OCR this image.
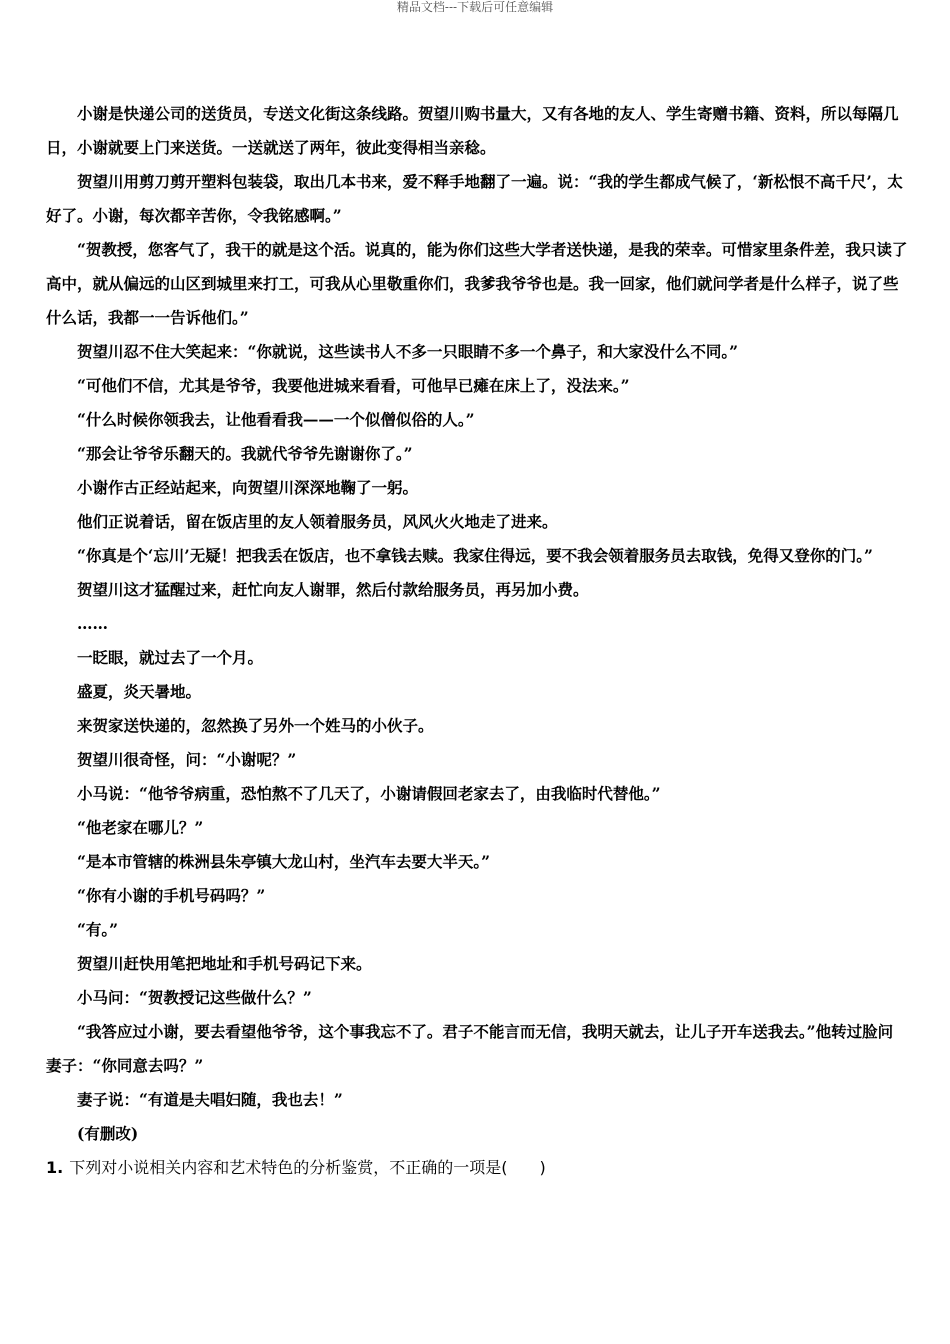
精品文档---下载后可任意编辑

小谢是快递公司的送货员，专送文化街这条线路。贺望川购书量大，又有各地的友人、学生寄赠书籍、资料，所以每隔几日，小谢就要上门来送货。一送就送了两年，彼此变得相当亲稔。

贺望川用剪刀剪开塑料包装袋，取出几本书来，爱不释手地翻了一遍。说：“我的学生都成气候了，‘新松恨不高千尺’，太好了。小谢，每次都辛苦你，令我铭感啊。”

“贺教授，您客气了，我干的就是这个活。说真的，能为你们这些大学者送快递，是我的荣幸。可惜家里条件差，我只读了高中，就从偏远的山区到城里来打工，可我从心里敬重你们，我爹我爷爷也是。我一回家，他们就问学者是什么样子，说了些什么话，我都一一告诉他们。”

贺望川忍不住大笑起来：“你就说，这些读书人不多一只眼睛不多一个鼻子，和大家没什么不同。”

“可他们不信，尤其是爷爷，我要他进城来看看，可他早已瘫在床上了，没法来。”

“什么时候你领我去，让他看看我——一个似僧似俗的人。”

“那会让爷爷乐翻天的。我就代爷爷先谢谢你了。”

小谢作古正经站起来，向贺望川深深地鞠了一躬。

他们正说着话，留在饭店里的友人领着服务员，风风火火地走了进来。

“你真是个‘忘川’无疑！把我丢在饭店，也不拿钱去赎。我家住得远，要不我会领着服务员去取钱，免得又登你的门。”

贺望川这才猛醒过来，赶忙向友人谢罪，然后付款给服务员，再另加小费。

……

一眨眼，就过去了一个月。

盛夏，炎天暑地。

来贺家送快递的，忽然换了另外一个姓马的小伙子。

贺望川很奇怪，问：“小谢呢？”

小马说：“他爷爷病重，恐怕熬不了几天了，小谢请假回老家去了，由我临时代替他。”

“他老家在哪儿？”

“是本市管辖的株洲县朱亭镇大龙山村，坐汽车去要大半天。”

“你有小谢的手机号码吗？”

“有。”

贺望川赶快用笔把地址和手机号码记下来。

小马问：“贺教授记这些做什么？”

“我答应过小谢，要去看望他爷爷，这个事我忘不了。君子不能言而无信，我明天就去，让儿子开车送我去。”他转过脸问妻子：“你同意去吗？”

妻子说：“有道是夫唱妇随，我也去！”

(有删改)

1. 下列对小说相关内容和艺术特色的分析鉴赏，不正确的一项是(　　)
